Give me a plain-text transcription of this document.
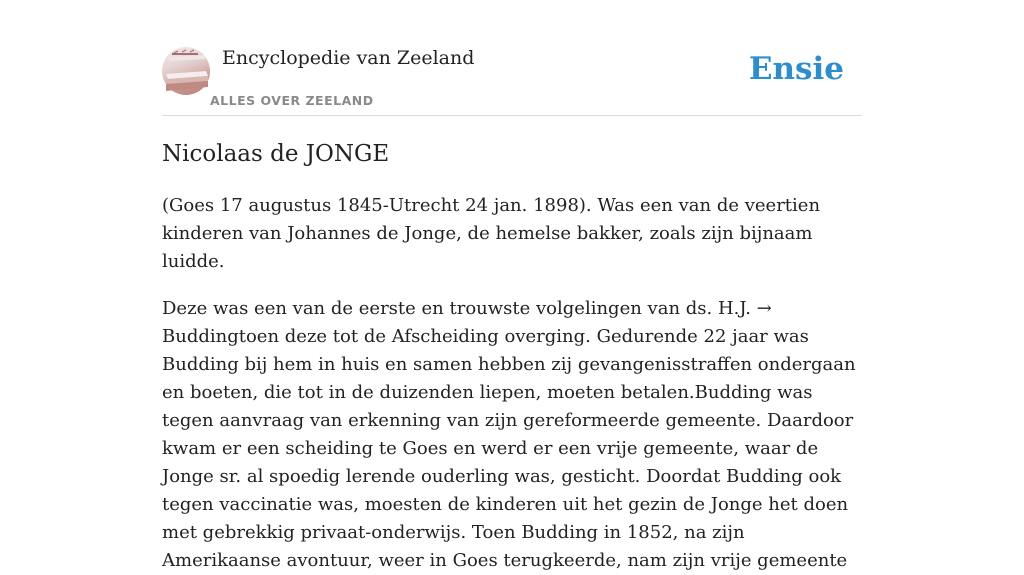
Encyclopedie van Zeeland
ALLES OVER ZEELAND
Ensie
Nicolaas de JONGE

(Goes 17 augustus 1845-Utrecht 24 jan. 1898). Was een van de veertien kinderen van Johannes de Jonge, de hemelse bakker, zoals zijn bijnaam luidde.

Deze was een van de eerste en trouwste volgelingen van ds. H.J. → Buddingtoen deze tot de Afscheiding overging. Gedurende 22 jaar was Budding bij hem in huis en samen hebben zij gevangenisstraffen ondergaan en boeten, die tot in de duizenden liepen, moeten betalen.Budding was tegen aanvraag van erkenning van zijn gereformeerde gemeente. Daardoor kwam er een scheiding te Goes en werd er een vrije gemeente, waar de Jonge sr. al spoedig lerende ouderling was, gesticht. Doordat Budding ook tegen vaccinatie was, moesten de kinderen uit het gezin de Jonge het doen met gebrekkig privaat-onderwijs. Toen Budding in 1852, na zijn Amerikaanse avontuur, weer in Goes terugkeerde, nam zijn vrije gemeente
